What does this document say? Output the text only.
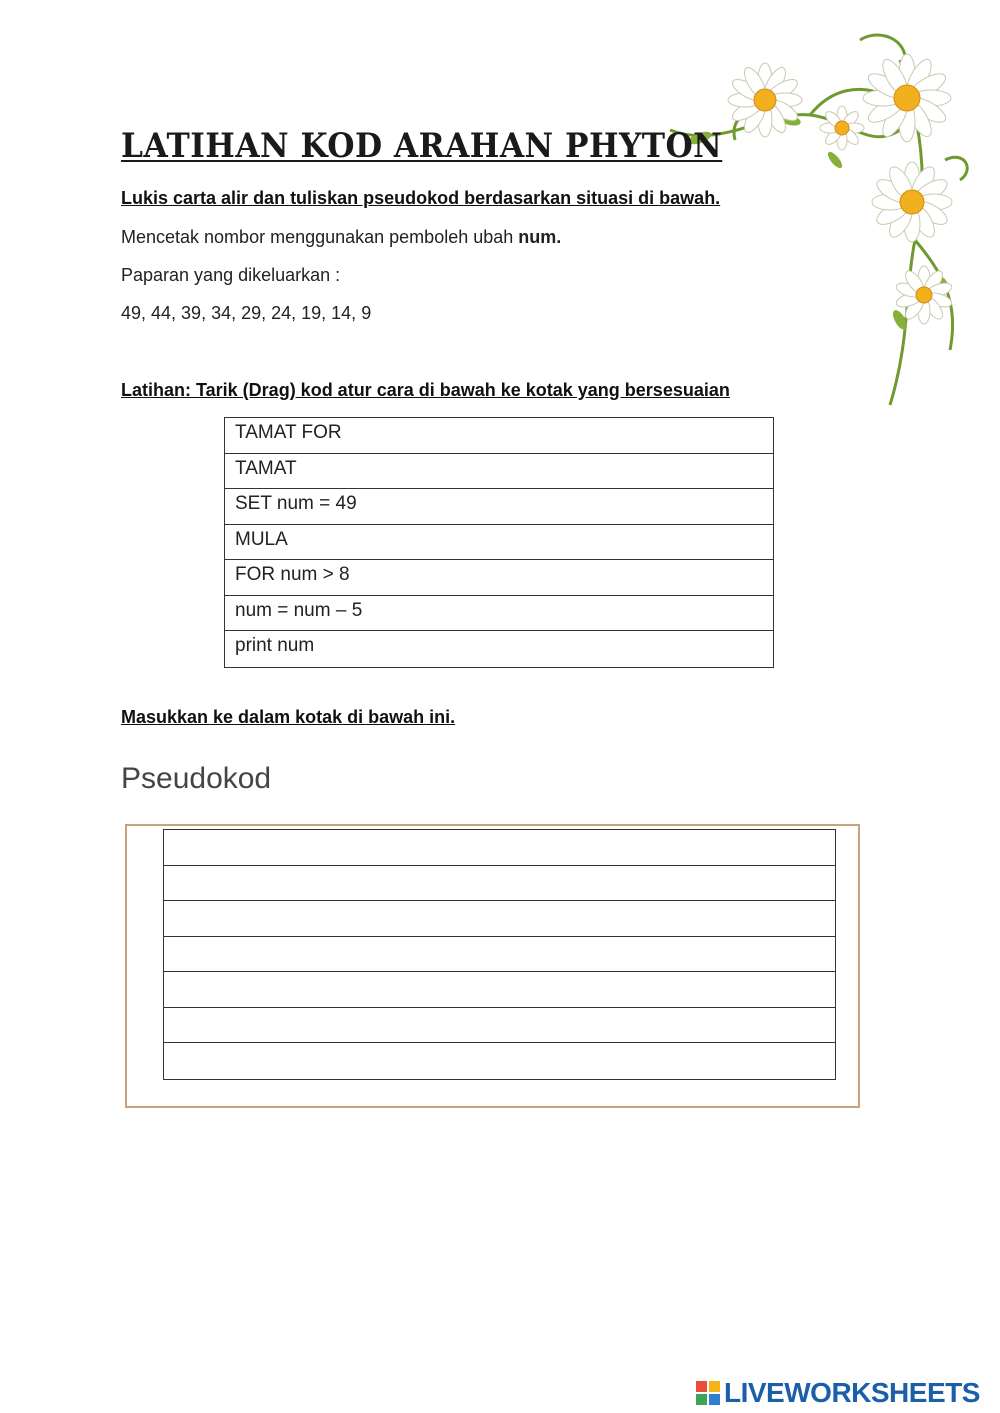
LATIHAN KOD ARAHAN PHYTON
Lukis carta alir dan tuliskan pseudokod berdasarkan situasi di bawah.
Mencetak nombor menggunakan pemboleh ubah num.
Paparan yang dikeluarkan :
49, 44, 39, 34, 29, 24, 19, 14, 9
Latihan: Tarik (Drag) kod atur cara di bawah ke kotak yang bersesuaian
TAMAT FOR
TAMAT
SET num = 49
MULA
FOR num > 8
num = num – 5
print num
Masukkan ke dalam kotak di bawah ini.
Pseudokod
LIVEWORKSHEETS
